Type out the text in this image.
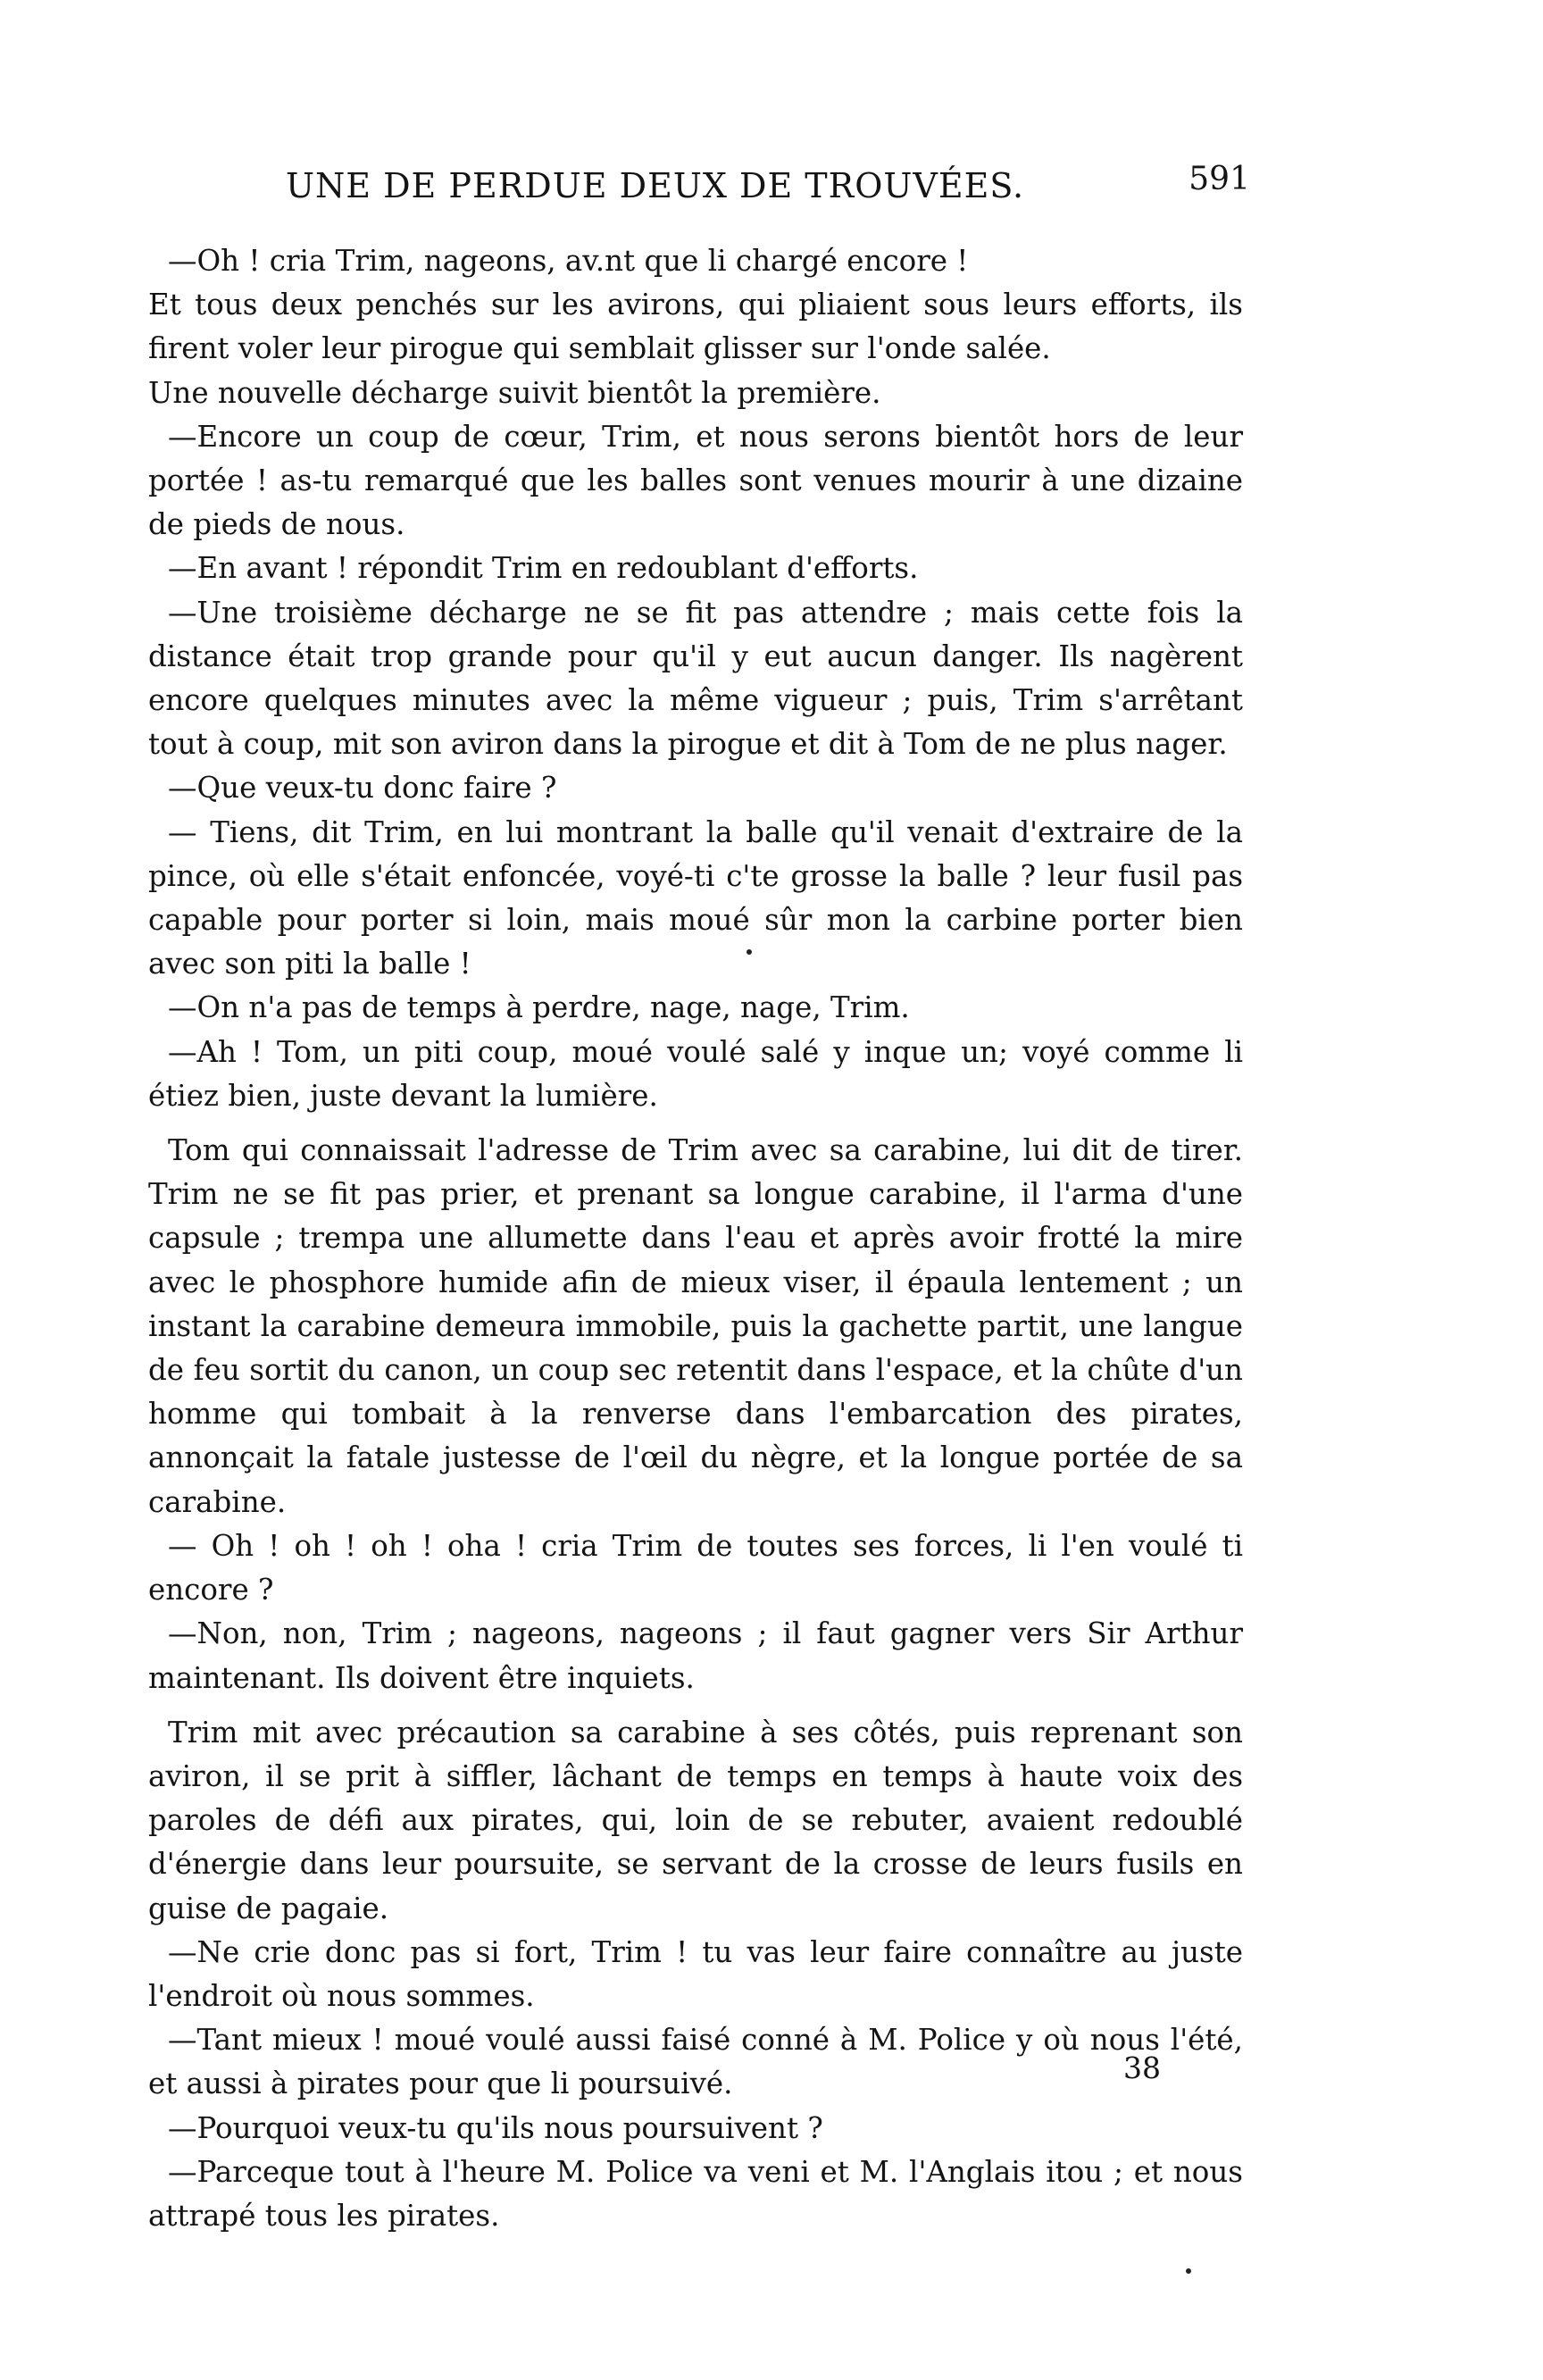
UNE DE PERDUE DEUX DE TROUVÉES.	591

—Oh ! cria Trim, nageons, av.nt que li chargé encore !

Et tous deux penchés sur les avirons, qui pliaient sous leurs efforts, ils firent voler leur pirogue qui semblait glisser sur l'onde salée.

Une nouvelle décharge suivit bientôt la première.

—Encore un coup de cœur, Trim, et nous serons bientôt hors de leur portée ! as-tu remarqué que les balles sont venues mourir à une dizaine de pieds de nous.

—En avant ! répondit Trim en redoublant d'efforts.

—Une troisième décharge ne se fit pas attendre ; mais cette fois la distance était trop grande pour qu'il y eut aucun danger. Ils nagèrent encore quelques minutes avec la même vigueur ; puis, Trim s'arrêtant tout à coup, mit son aviron dans la pirogue et dit à Tom de ne plus nager.

—Que veux-tu donc faire ?

— Tiens, dit Trim, en lui montrant la balle qu'il venait d'extraire de la pince, où elle s'était enfoncée, voyé-ti c'te grosse la balle ? leur fusil pas capable pour porter si loin, mais moué sûr mon la carbine porter bien avec son piti la balle !

—On n'a pas de temps à perdre, nage, nage, Trim.

—Ah ! Tom, un piti coup, moué voulé salé y inque un; voyé comme li étiez bien, juste devant la lumière.

Tom qui connaissait l'adresse de Trim avec sa carabine, lui dit de tirer. Trim ne se fit pas prier, et prenant sa longue carabine, il l'arma d'une capsule ; trempa une allumette dans l'eau et après avoir frotté la mire avec le phosphore humide afin de mieux viser, il épaula lentement ; un instant la carabine demeura immobile, puis la gachette partit, une langue de feu sortit du canon, un coup sec retentit dans l'espace, et la chûte d'un homme qui tombait à la renverse dans l'embarcation des pirates, annonçait la fatale justesse de l'œil du nègre, et la longue portée de sa carabine.

— Oh ! oh ! oh ! oha ! cria Trim de toutes ses forces, li l'en voulé ti encore ?

—Non, non, Trim ; nageons, nageons ; il faut gagner vers Sir Arthur maintenant. Ils doivent être inquiets.

Trim mit avec précaution sa carabine à ses côtés, puis reprenant son aviron, il se prit à siffler, lâchant de temps en temps à haute voix des paroles de défi aux pirates, qui, loin de se rebuter, avaient redoublé d'énergie dans leur poursuite, se servant de la crosse de leurs fusils en guise de pagaie.

—Ne crie donc pas si fort, Trim ! tu vas leur faire connaître au juste l'endroit où nous sommes.

—Tant mieux ! moué voulé aussi faisé conné à M. Police y où nous l'été, et aussi à pirates pour que li poursuivé.

—Pourquoi veux-tu qu'ils nous poursuivent ?

—Parceque tout à l'heure M. Police va veni et M. l'Anglais itou ; et nous attrapé tous les pirates.

38
